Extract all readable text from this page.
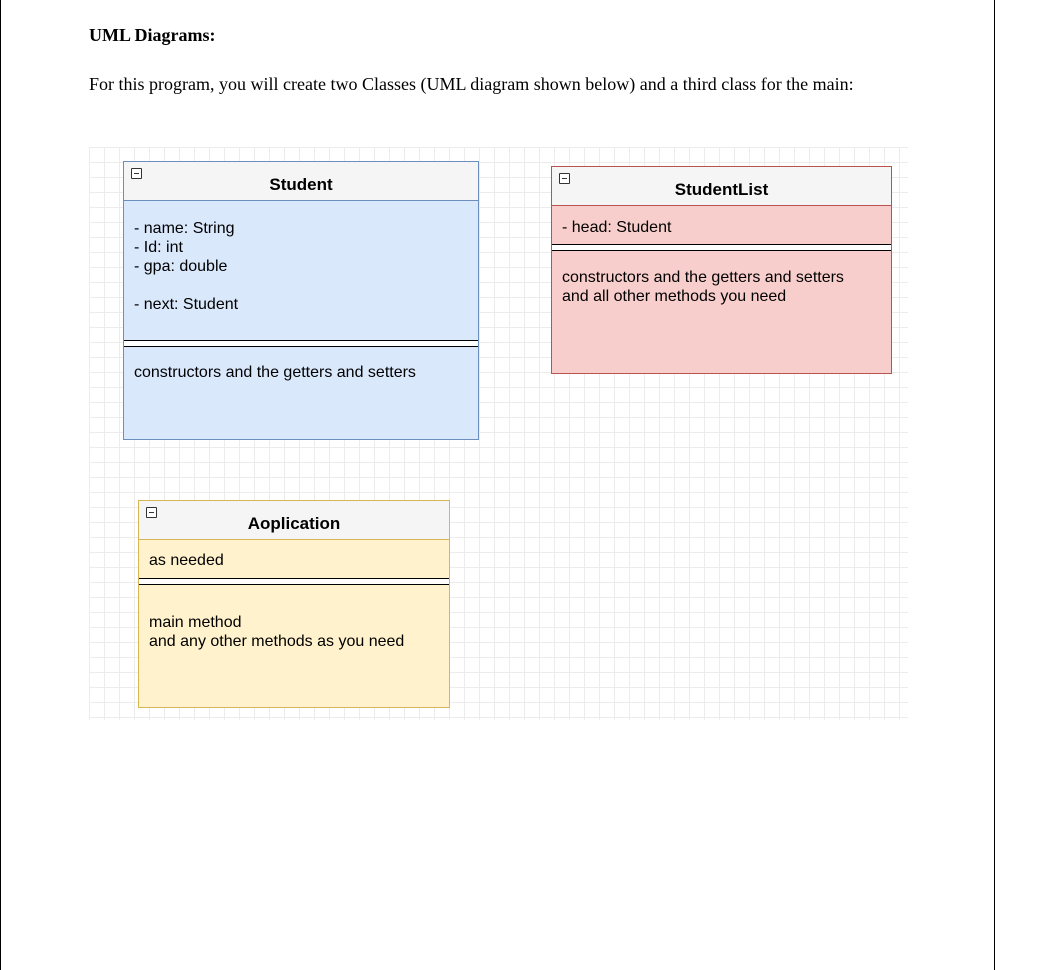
UML Diagrams:
For this program, you will create two Classes (UML diagram shown below) and a third class for the main:
Student
- name: String
- Id: int
- gpa: double

- next: Student
constructors and the getters and setters
StudentList
- head: Student
constructors and the getters and setters
and all other methods you need
Aoplication
as needed
main method
and any other methods as you need
